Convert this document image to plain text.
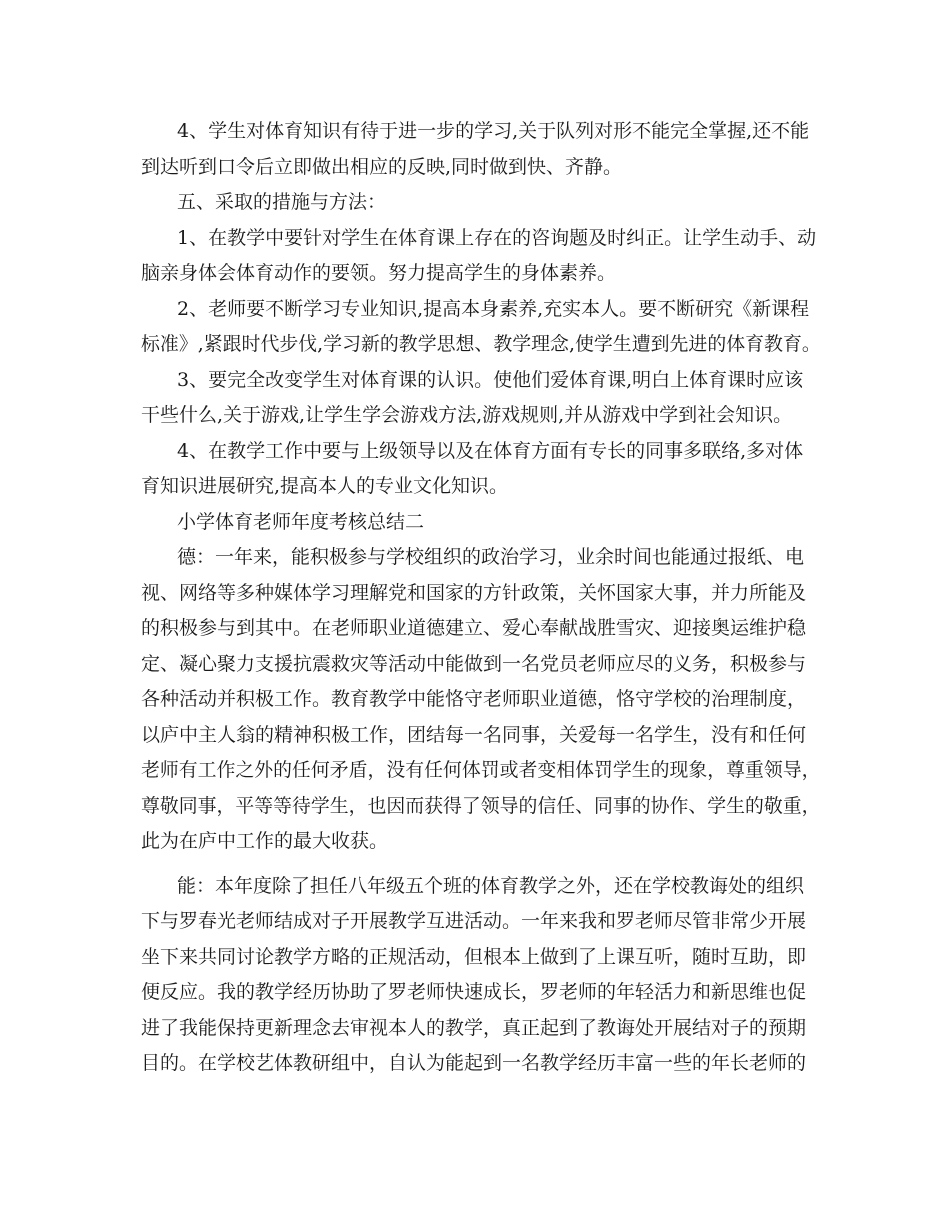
4、学生对体育知识有待于进一步的学习,关于队列对形不能完全掌握,还不能
到达听到口令后立即做出相应的反映,同时做到快、齐静。
五、采取的措施与方法：
1、在教学中要针对学生在体育课上存在的咨询题及时纠正。让学生动手、动
脑亲身体会体育动作的要领。努力提高学生的身体素养。
2、老师要不断学习专业知识,提高本身素养,充实本人。要不断研究《新课程
标准》,紧跟时代步伐,学习新的教学思想、教学理念,使学生遭到先进的体育教育。
3、要完全改变学生对体育课的认识。使他们爱体育课,明白上体育课时应该
干些什么,关于游戏,让学生学会游戏方法,游戏规则,并从游戏中学到社会知识。
4、在教学工作中要与上级领导以及在体育方面有专长的同事多联络,多对体
育知识进展研究,提高本人的专业文化知识。
小学体育老师年度考核总结二
德：一年来，能积极参与学校组织的政治学习，业余时间也能通过报纸、电
视、网络等多种媒体学习理解党和国家的方针政策，关怀国家大事，并力所能及
的积极参与到其中。在老师职业道德建立、爱心奉献战胜雪灾、迎接奥运维护稳
定、凝心聚力支援抗震救灾等活动中能做到一名党员老师应尽的义务，积极参与
各种活动并积极工作。教育教学中能恪守老师职业道德，恪守学校的治理制度，
以庐中主人翁的精神积极工作，团结每一名同事，关爱每一名学生，没有和任何
老师有工作之外的任何矛盾，没有任何体罚或者变相体罚学生的现象，尊重领导，
尊敬同事，平等等待学生，也因而获得了领导的信任、同事的协作、学生的敬重，
此为在庐中工作的最大收获。
能：本年度除了担任八年级五个班的体育教学之外，还在学校教诲处的组织
下与罗春光老师结成对子开展教学互进活动。一年来我和罗老师尽管非常少开展
坐下来共同讨论教学方略的正规活动，但根本上做到了上课互听，随时互助，即
便反应。我的教学经历协助了罗老师快速成长，罗老师的年轻活力和新思维也促
进了我能保持更新理念去审视本人的教学，真正起到了教诲处开展结对子的预期
目的。在学校艺体教研组中，自认为能起到一名教学经历丰富一些的年长老师的
